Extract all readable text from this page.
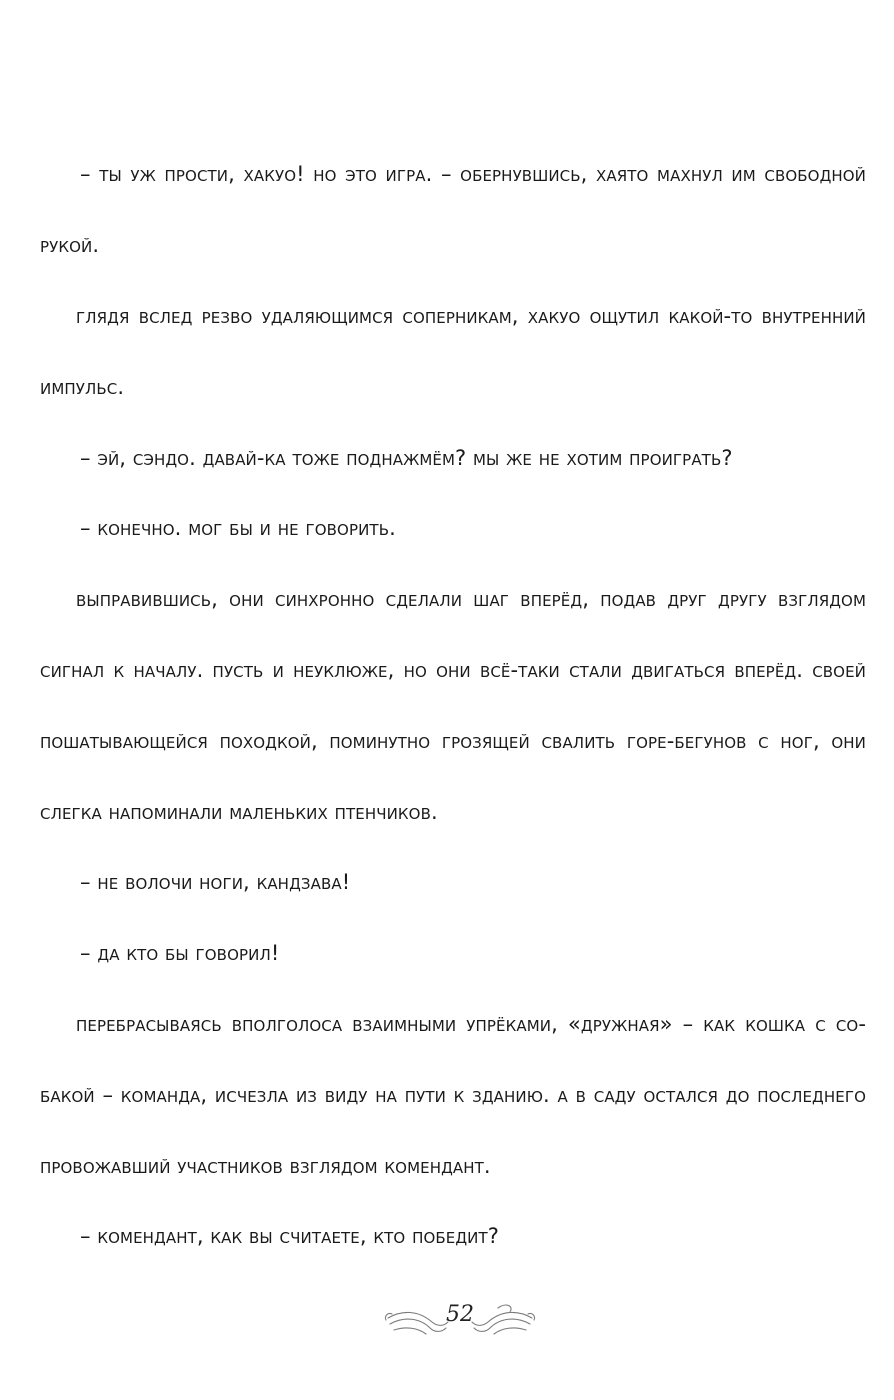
– ты уж прости, хакуо! но это игра. – обернувшись, хаято махнул им свободной
рукой.
глядя вслед резво удаляющимся соперникам, хакуо ощутил какой-то внутренний
импульс.
– эй, сэндо. давай-ка тоже поднажмём? мы же не хотим проиграть?
– конечно. мог бы и не говорить.
выправившись, они синхронно сделали шаг вперёд, подав друг другу взглядом
сигнал к началу. пусть и неуклюже, но они всё-таки стали двигаться вперёд. своей
пошатывающейся походкой, поминутно грозящей свалить горе-бегунов с ног, они
слегка напоминали маленьких птенчиков.
– не волочи ноги, кандзава!
– да кто бы говорил!
перебрасываясь вполголоса взаимными упрёками, «дружная» – как кошка с со-
бакой – команда, исчезла из виду на пути к зданию. а в саду остался до последнего
провожавший участников взглядом комендант.
– комендант, как вы считаете, кто победит?
52
